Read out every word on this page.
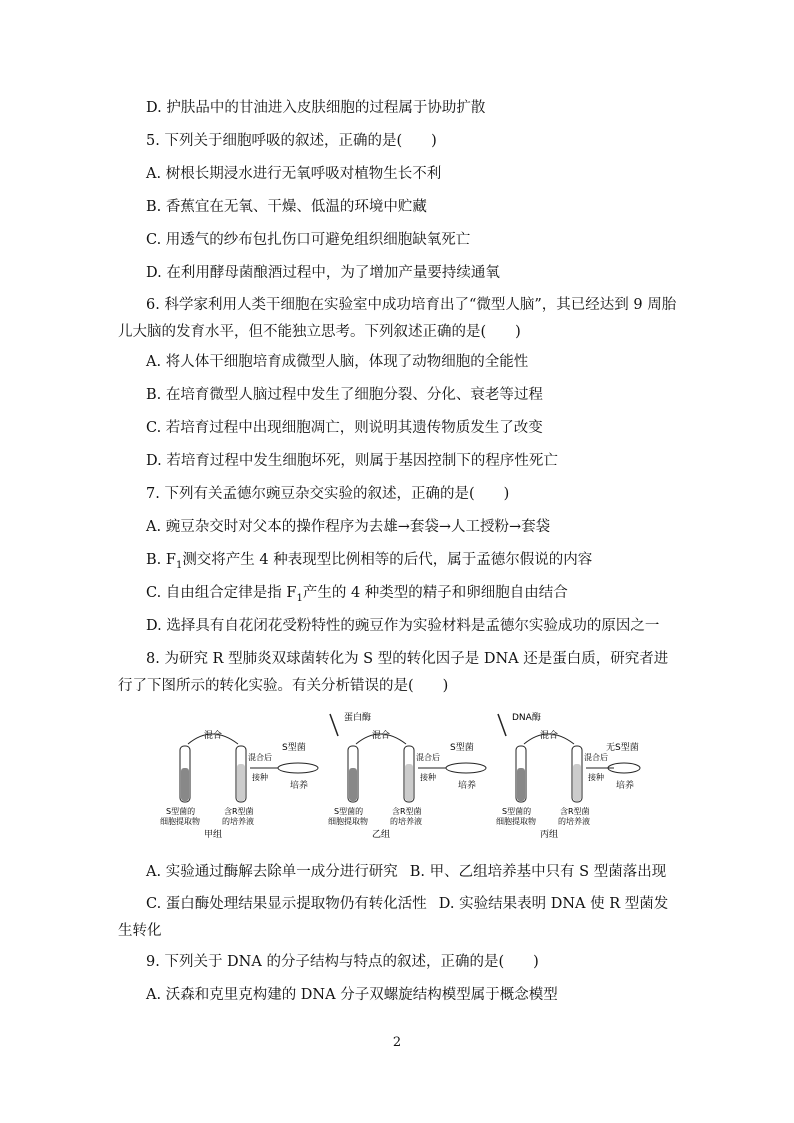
D. 护肤品中的甘油进入皮肤细胞的过程属于协助扩散
5. 下列关于细胞呼吸的叙述，正确的是(　　)
A. 树根长期浸水进行无氧呼吸对植物生长不利
B. 香蕉宜在无氧、干燥、低温的环境中贮藏
C. 用透气的纱布包扎伤口可避免组织细胞缺氧死亡
D. 在利用酵母菌酿酒过程中，为了增加产量要持续通氧
6. 科学家利用人类干细胞在实验室中成功培育出了“微型人脑”，其已经达到 9 周胎儿大脑的发育水平，但不能独立思考。下列叙述正确的是(　　)
A. 将人体干细胞培育成微型人脑，体现了动物细胞的全能性
B. 在培育微型人脑过程中发生了细胞分裂、分化、衰老等过程
C. 若培育过程中出现细胞凋亡，则说明其遗传物质发生了改变
D. 若培育过程中发生细胞坏死，则属于基因控制下的程序性死亡
7. 下列有关孟德尔豌豆杂交实验的叙述，正确的是(　　)
A. 豌豆杂交时对父本的操作程序为去雄→套袋→人工授粉→套袋
B. $F_1$测交将产生 4 种表现型比例相等的后代，属于孟德尔假说的内容
C. 自由组合定律是指 $F_1$产生的 4 种类型的精子和卵细胞自由结合
D. 选择具有自花闭花受粉特性的豌豆作为实验材料是孟德尔实验成功的原因之一
8. 为研究 R 型肺炎双球菌转化为 S 型的转化因子是 DNA 还是蛋白质，研究者进行了下图所示的转化实验。有关分析错误的是(　　)
混合
混合后
接种
S型菌
培养
S型菌的
细胞提取物
含R型菌
的培养液
甲组
蛋白酶
混合
混合后
接种
S型菌
培养
S型菌的
细胞提取物
含R型菌
的培养液
乙组
DNA酶
混合
混合后
接种
无S型菌
培养
S型菌的
细胞提取物
含R型菌
的培养液
丙组
A. 实验通过酶解去除单一成分进行研究 B. 甲、乙组培养基中只有 S 型菌落出现
C. 蛋白酶处理结果显示提取物仍有转化活性 D. 实验结果表明 DNA 使 R 型菌发生转化
9. 下列关于 DNA 的分子结构与特点的叙述，正确的是(　　)
A. 沃森和克里克构建的 DNA 分子双螺旋结构模型属于概念模型
2
